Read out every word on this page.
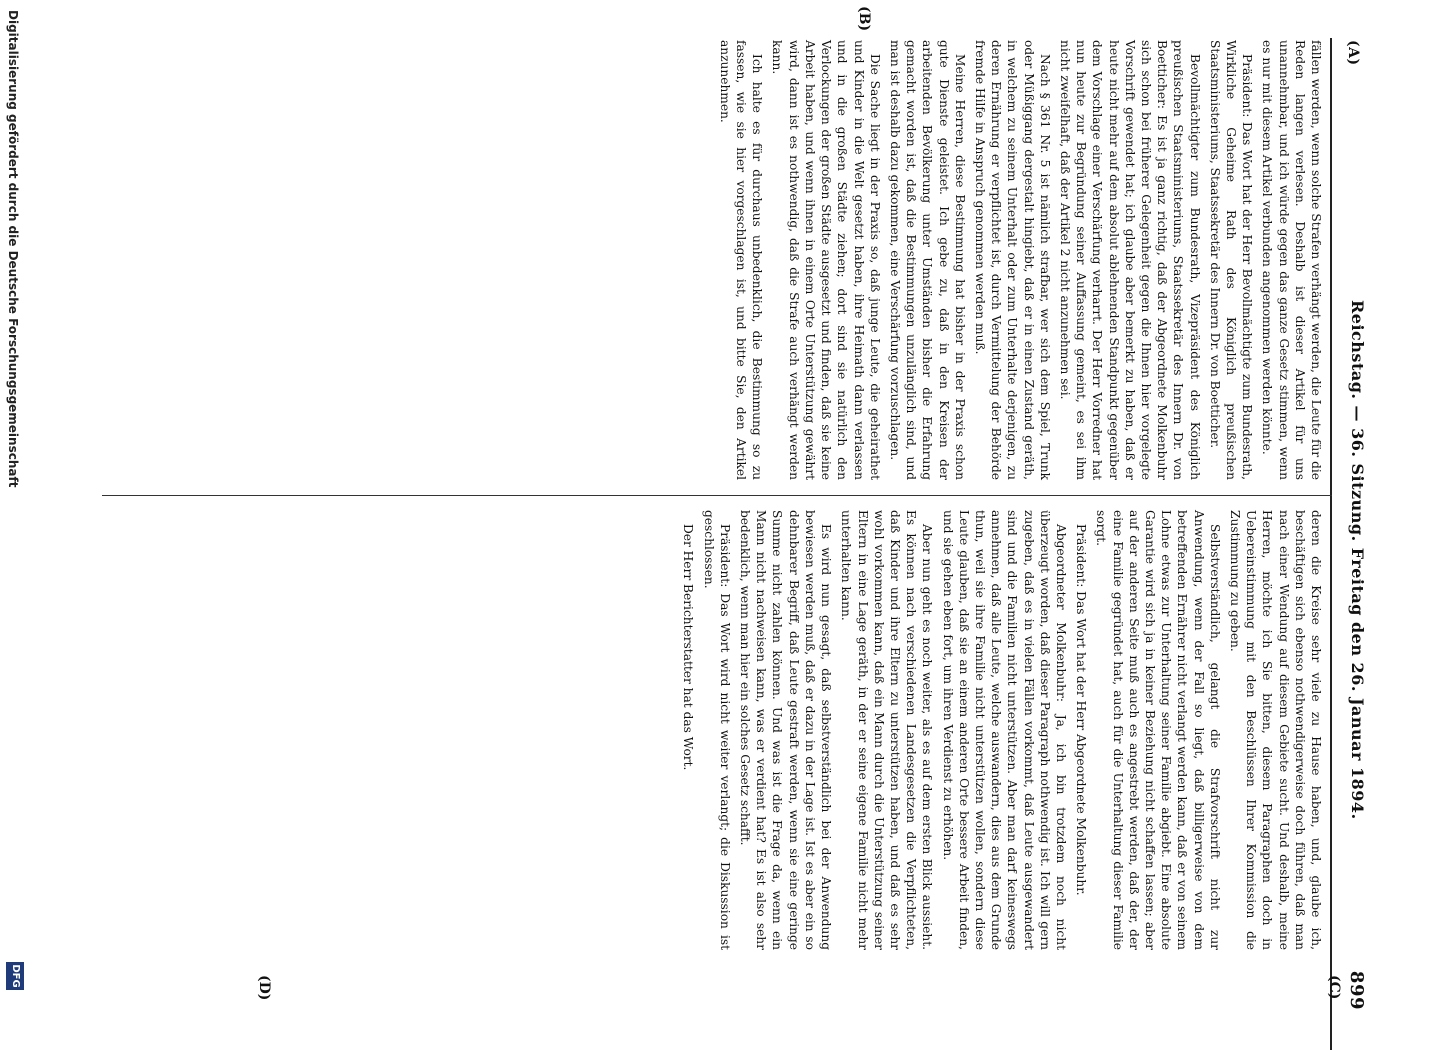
(A)
Reichstag. — 36. Sitzung. Freitag den 26. Januar 1894.
899
(B)
(C)
(D)

fällen werden, wenn solche Strafen verhängt werden, die Leute für die Reden langen verlesen. Deshalb ist dieser Artikel für uns unannehmbar, und ich würde gegen das ganze Gesetz stimmen, wenn es nur mit diesem Artikel verbunden angenommen werden könnte.

Präsident: Das Wort hat der Herr Bevollmächtigte zum Bundesrath, Wirkliche Geheime Rath des Königlich preußischen Staatsministeriums, Staatssekretär des Innern Dr. von Boetticher.

Bevollmächtigter zum Bundesrath, Vizepräsident des Königlich preußischen Staatsministeriums, Staatssekretär des Innern Dr. von Boetticher: Es ist ja ganz richtig, daß der Abgeordnete Molkenbuhr sich schon bei früherer Gelegenheit gegen die Ihnen hier vorgelegte Vorschrift gewendet hat; ich glaube aber bemerkt zu haben, daß er heute nicht mehr auf dem absolut ablehnenden Standpunkt gegenüber dem Vorschlage einer Verschärfung verharrt. Der Herr Vorredner hat nun heute zur Begründung seiner Auffassung gemeint, es sei ihm nicht zweifelhaft, daß der Artikel 2 nicht anzunehmen sei.

Nach § 361 Nr. 5 ist nämlich strafbar, wer sich dem Spiel, Trunk oder Müßiggang dergestalt hingiebt, daß er in einen Zustand geräth, in welchem zu seinem Unterhalt oder zum Unterhalte derjenigen, zu deren Ernährung er verpflichtet ist, durch Vermittelung der Behörde fremde Hilfe in Anspruch genommen werden muß.

Meine Herren, diese Bestimmung hat bisher in der Praxis schon gute Dienste geleistet. Ich gebe zu, daß in den Kreisen der arbeitenden Bevölkerung unter Umständen bisher die Erfahrung gemacht worden ist, daß die Bestimmungen unzulänglich sind, und man ist deshalb dazu gekommen, eine Verschärfung vorzuschlagen.

Die Sache liegt in der Praxis so, daß junge Leute, die geheirathet und Kinder in die Welt gesetzt haben, ihre Heimath dann verlassen und in die großen Städte ziehen; dort sind sie natürlich den Verlockungen der großen Städte ausgesetzt und finden, daß sie keine Arbeit haben, und wenn ihnen in einem Orte Unterstützung gewährt wird, dann ist es nothwendig, daß die Strafe auch verhängt werden kann.

Ich halte es für durchaus unbedenklich, die Bestimmung so zu fassen, wie sie hier vorgeschlagen ist, und bitte Sie, den Artikel anzunehmen.

deren die Kreise sehr viele zu Hause haben, und, glaube ich, beschäftigen sich ebenso nothwendigerweise doch führen, daß man nach einer Wendung auf diesem Gebiete sucht. Und deshalb, meine Herren, möchte ich Sie bitten, diesem Paragraphen doch in Uebereinstimmung mit den Beschlüssen Ihrer Kommission die Zustimmung zu geben.

Selbstverständlich, gelangt die Strafvorschrift nicht zur Anwendung, wenn der Fall so liegt, daß billigerweise von dem betreffenden Ernährer nicht verlangt werden kann, daß er von seinem Lohne etwas zur Unterhaltung seiner Familie abgiebt. Eine absolute Garantie wird sich ja in keiner Beziehung nicht schaffen lassen; aber auf der anderen Seite muß auch es angestrebt werden, daß der, der eine Familie gegründet hat, auch für die Unterhaltung dieser Familie sorgt.

Präsident: Das Wort hat der Herr Abgeordnete Molkenbuhr.

Abgeordneter Molkenbuhr: Ja, ich bin trotzdem noch nicht überzeugt worden, daß dieser Paragraph nothwendig ist. Ich will gern zugeben, daß es in vielen Fällen vorkommt, daß Leute ausgewandert sind und die Familien nicht unterstützen. Aber man darf keineswegs annehmen, daß alle Leute, welche auswandern, dies aus dem Grunde thun, weil sie ihre Familie nicht unterstützen wollen, sondern diese Leute glauben, daß sie an einem anderen Orte bessere Arbeit finden, und sie gehen eben fort, um ihren Verdienst zu erhöhen.

Aber nun geht es noch weiter, als es auf dem ersten Blick aussieht. Es können nach verschiedenen Landesgesetzen die Verpflichteten, daß Kinder und ihre Eltern zu unterstützen haben, und daß es sehr wohl vorkommen kann, daß ein Mann durch die Unterstützung seiner Eltern in eine Lage geräth, in der er seine eigene Familie nicht mehr unterhalten kann.

Es wird nun gesagt, daß selbstverständlich bei der Anwendung bewiesen werden muß, daß er dazu in der Lage ist. Ist es aber ein so dehnbarer Begriff, daß Leute gestraft werden, wenn sie eine geringe Summe nicht zahlen können. Und was ist die Frage da, wenn ein Mann nicht nachweisen kann, was er verdient hat? Es ist also sehr bedenklich, wenn man hier ein solches Gesetz schafft.

Präsident: Das Wort wird nicht weiter verlangt; die Diskussion ist geschlossen.

Der Herr Berichterstatter hat das Wort.

Digitalisierung gefördert durch die Deutsche Forschungsgemeinschaft
DFG
